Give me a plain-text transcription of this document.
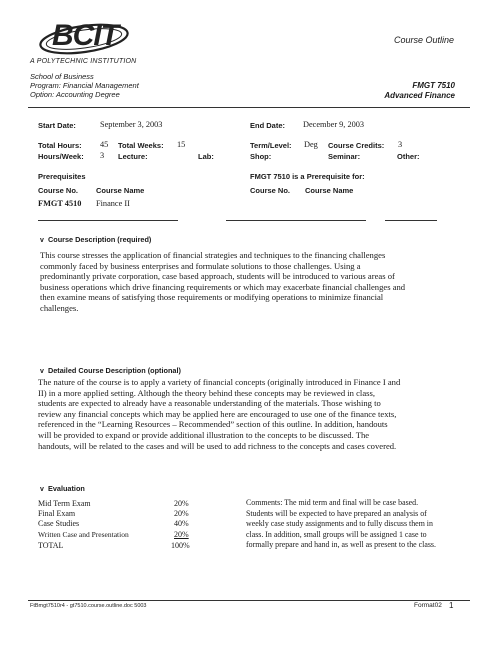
BCIT
A POLYTECHNIC INSTITUTION
Course Outline
School of Business
Program: Financial Management
Option: Accounting Degree
FMGT 7510
Advanced Finance
Start Date:	September 3, 2003	End Date: December 9, 2003
Total Hours: 45 Total Weeks: 15	Term/Level: Deg Course Credits: 3
Hours/Week: 3 Lecture:	Lab:	Shop:	Seminar:	Other:
Prerequisites	FMGT 7510 is a Prerequisite for:
Course No. Course Name	Course No. Course Name
FMGT 4510 Finance II
v Course Description (required)
This course stresses the application of financial strategies and techniques to the financing challenges
commonly faced by business enterprises and formulate solutions to those challenges. Using a
predominantly private corporation, case based approach, students will be introduced to various areas of
business operations which drive financing requirements or which may exacerbate financial challenges and
then examine means of satisfying those requirements or modifying operations to minimize financial
challenges.
v Detailed Course Description (optional)
The nature of the course is to apply a variety of financial concepts (originally introduced in Finance I and
II) in a more applied setting. Although the theory behind these concepts may be reviewed in class,
students are expected to already have a reasonable understanding of the materials. Those wishing to
review any financial concepts which may be applied here are encouraged to use one of the finance texts,
referenced in the “Learning Resources – Recommended” section of this outline. In addition, handouts
will be provided to expand or provide additional illustration to the concepts to be discussed. The
handouts, will be related to the cases and will be used to add richness to the concepts and cases covered.
v Evaluation
Mid Term Exam	20%
Final Exam	20%
Case Studies	40%
Written Case and Presentation	20%
TOTAL	100%
Comments: The mid term and final will be case based.
Students will be expected to have prepared an analysis of
weekly case study assignments and to fully discuss them in
class. In addition, small groups will be assigned 1 case to
formally prepare and hand in, as well as present to the class.
FtBmgt7510r4 - gt7510.course.outline.doc 5003	Format02 1
